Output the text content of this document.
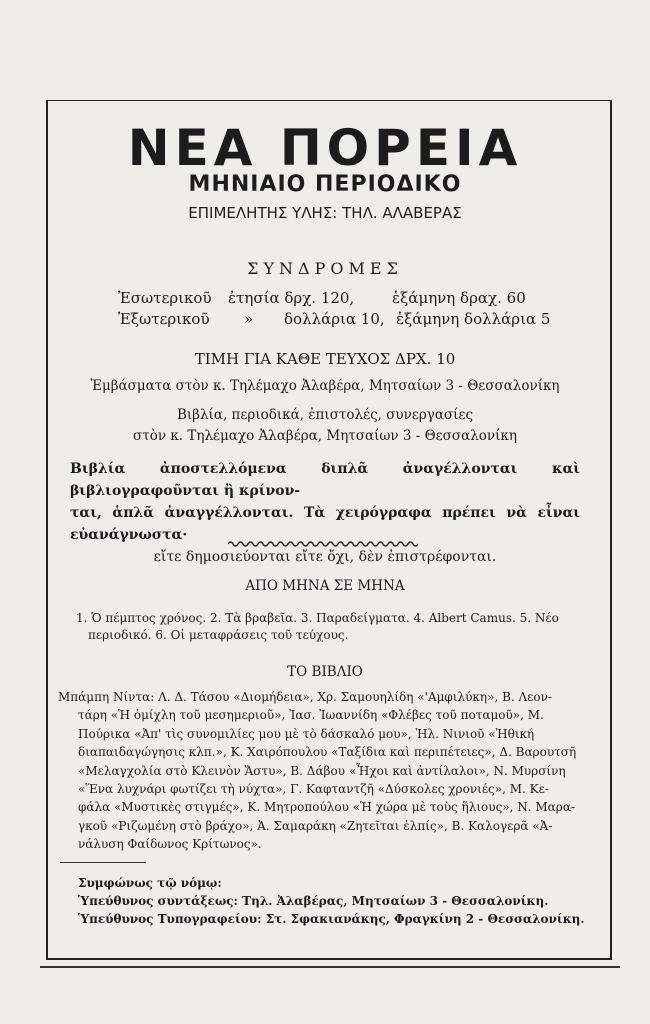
ΝΕΑ ΠΟΡΕΙΑ
ΜΗΝΙΑΙΟ ΠΕΡΙΟΔΙΚΟ
ΕΠΙΜΕΛΗΤΗΣ ΥΛΗΣ: ΤΗΛ. ΑΛΑΒΕΡΑΣ
ΣΥΝΔΡΟΜΕΣ
Ἐσωτερικοῦ ἐτησία δρχ. 120,	ἑξάμηνη δραχ. 60
Ἐξωτερικοῦ » δολλάρια 10, ἑξάμηνη δολλάρια 5
ΤΙΜΗ ΓΙΑ ΚΑΘΕ ΤΕΥΧΟΣ ΔΡΧ. 10
Ἐμβάσματα στὸν κ. Τηλέμαχο Ἀλαβέρα, Μητσαίων 3 - Θεσσαλονίκη
Βιβλία, περιοδικά, ἐπιστολές, συνεργασίες
στὸν κ. Τηλέμαχο Ἀλαβέρα, Μητσαίων 3 - Θεσσαλονίκη
Βιβλία ἀποστελλόμενα διπλᾶ ἀναγέλλονται καὶ βιβλιογραφοῦνται ἢ κρίνον-
ται, ἁπλᾶ ἀναγγέλλονται. Τὰ χειρόγραφα πρέπει νὰ εἶναι εὐανάγνωστα·
εἴτε δημοσιεύονται εἴτε ὄχι, δὲν ἐπιστρέφονται.
ΑΠΟ ΜΗΝΑ ΣΕ ΜΗΝΑ
1. Ὁ πέμπτος χρόνος. 2. Τὰ βραβεῖα. 3. Παραδείγματα. 4. Albert Camus. 5. Νέο
περιοδικό. 6. Οἱ μεταφράσεις τοῦ τεύχους.
ΤΟ ΒΙΒΛΙΟ
Μπάμπη Νίντα: Λ. Δ. Τάσου «Διομήδεια», Χρ. Σαμουηλίδη «'Αμφιλύκη», Β. Λεον-
τάρη «Ἡ ὁμίχλη τοῦ μεσημεριοῦ», Ἰασ. Ἰωαννίδη «Φλέβες τοῦ ποταμοῦ», Μ.
Πούρικα «Ἀπ' τὶς συνομιλίες μου μὲ τὸ δάσκαλό μου», Ἠλ. Νινιοῦ «Ἠθική
διαπαιδαγώγησις κλπ.», Κ. Χαιρόπουλου «Ταξίδια καὶ περιπέτειες», Δ. Βαρουτσῆ
«Μελαγχολία στὸ Κλεινὸν Ἄστυ», Β. Δάβου «Ἦχοι καὶ ἀντίλαλοι», Ν. Μυρσίνη
«Ἕνα λυχνάρι φωτίζει τὴ νύχτα», Γ. Καφταντζῆ «Δύσκολες χρονιές», Μ. Κε-
φάλα «Μυστικὲς στιγμές», Κ. Μητροπούλου «Ἡ χώρα μὲ τοὺς ἥλιους», Ν. Μαρα-
γκοῦ «Ριζωμένη στὸ βράχο», Ἀ. Σαμαράκη «Ζητεῖται ἐλπίς», Β. Καλογερᾶ «Ἀ-
νάλυση Φαίδωνος Κρίτωνος».
Συμφώνως τῷ νόμῳ:
Ὑπεύθυνος συντάξεως: Τηλ. Ἀλαβέρας, Μητσαίων 3 - Θεσσαλονίκη.
Ὑπεύθυνος Τυπογραφείου: Στ. Σφακιανάκης, Φραγκίνη 2 - Θεσσαλονίκη.
